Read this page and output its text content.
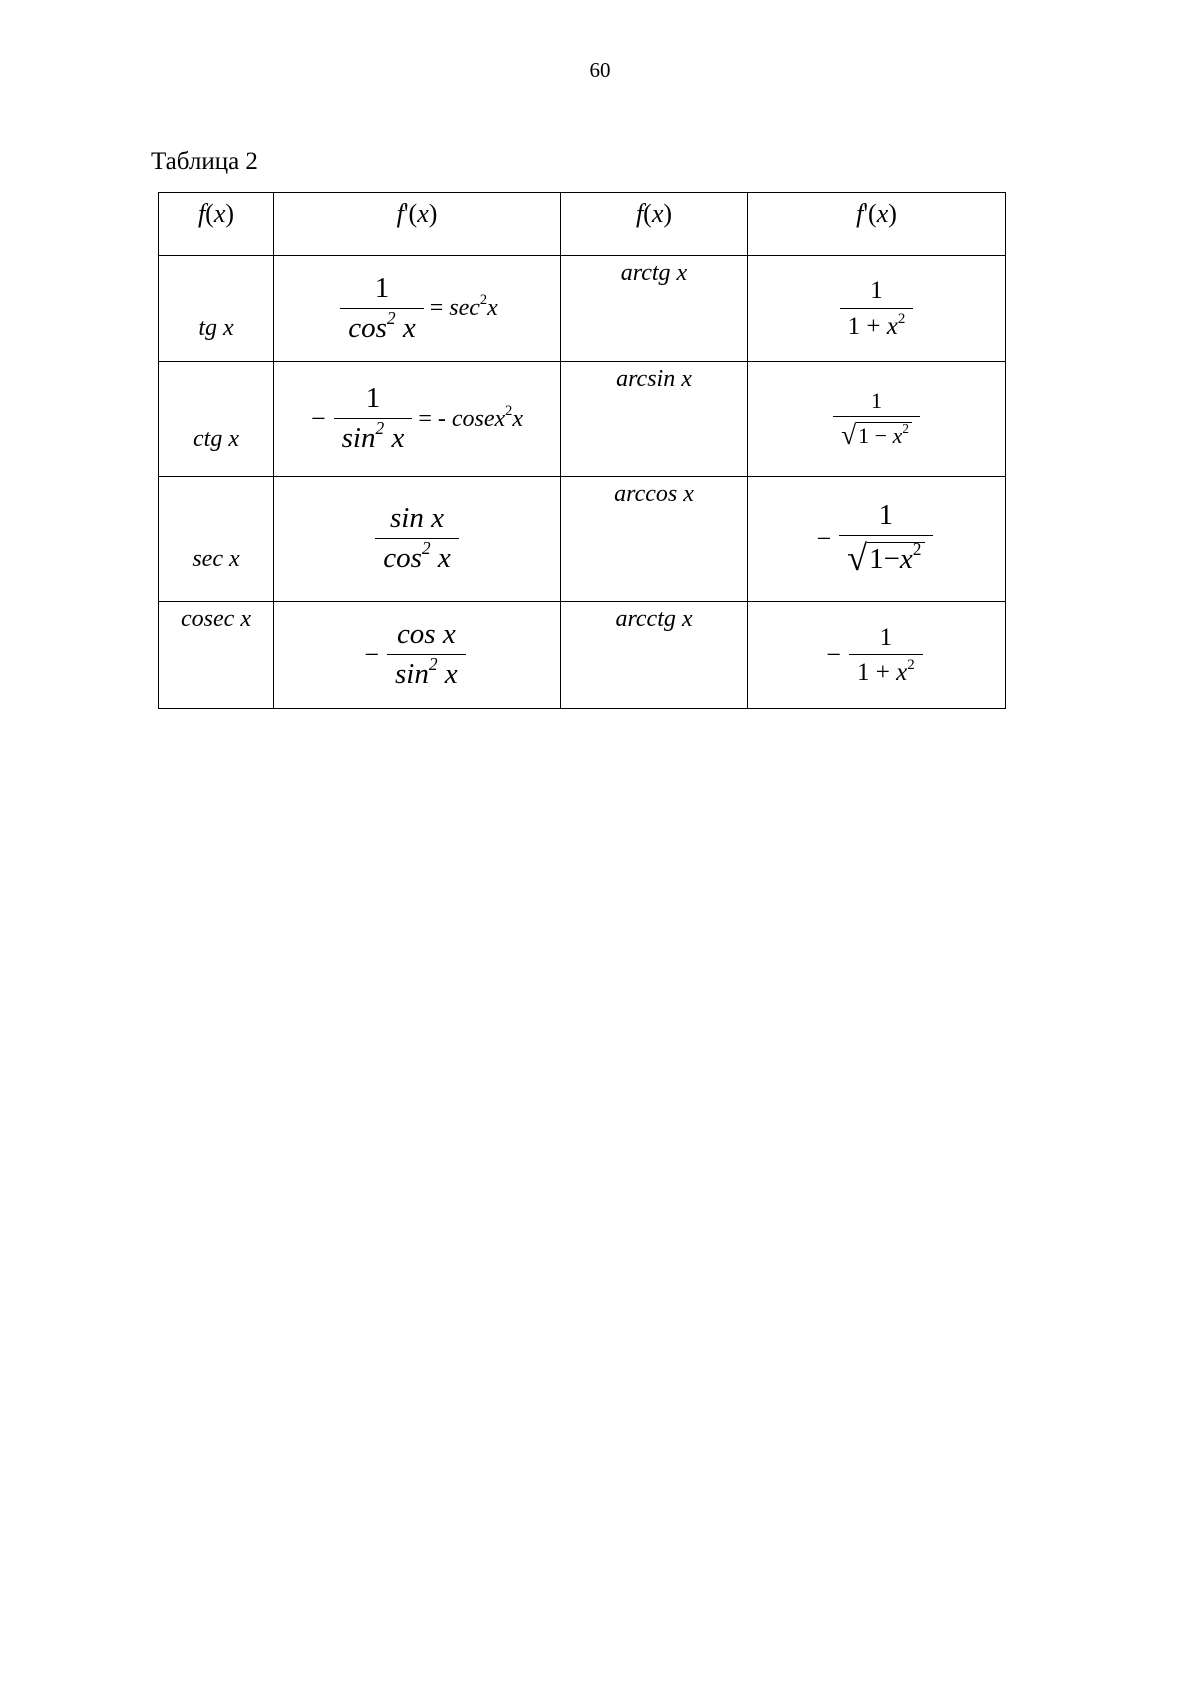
60
Таблица 2
f(x)	f'(x)	f(x)	f'(x)
tg x	$\frac{1}{\cos^2 x} = \sec^2x$	arctg x	$\frac{1}{1 + x^2}$

ctg x	− $\frac{1}{\sin^2 x}$ = - cosex$^2$x	arcsin x	$\frac{1}{√ 1 - x^2}$

sec x	$\frac{\text{sin x}}{\cos^2 x}$	arccos x	− $\frac{1}{√ 1-x^2}$

cosec x	− $\frac{\text{cos x}}{\sin^2 x}$	arcctg x	− $\frac{1}{1 + x^2}$
